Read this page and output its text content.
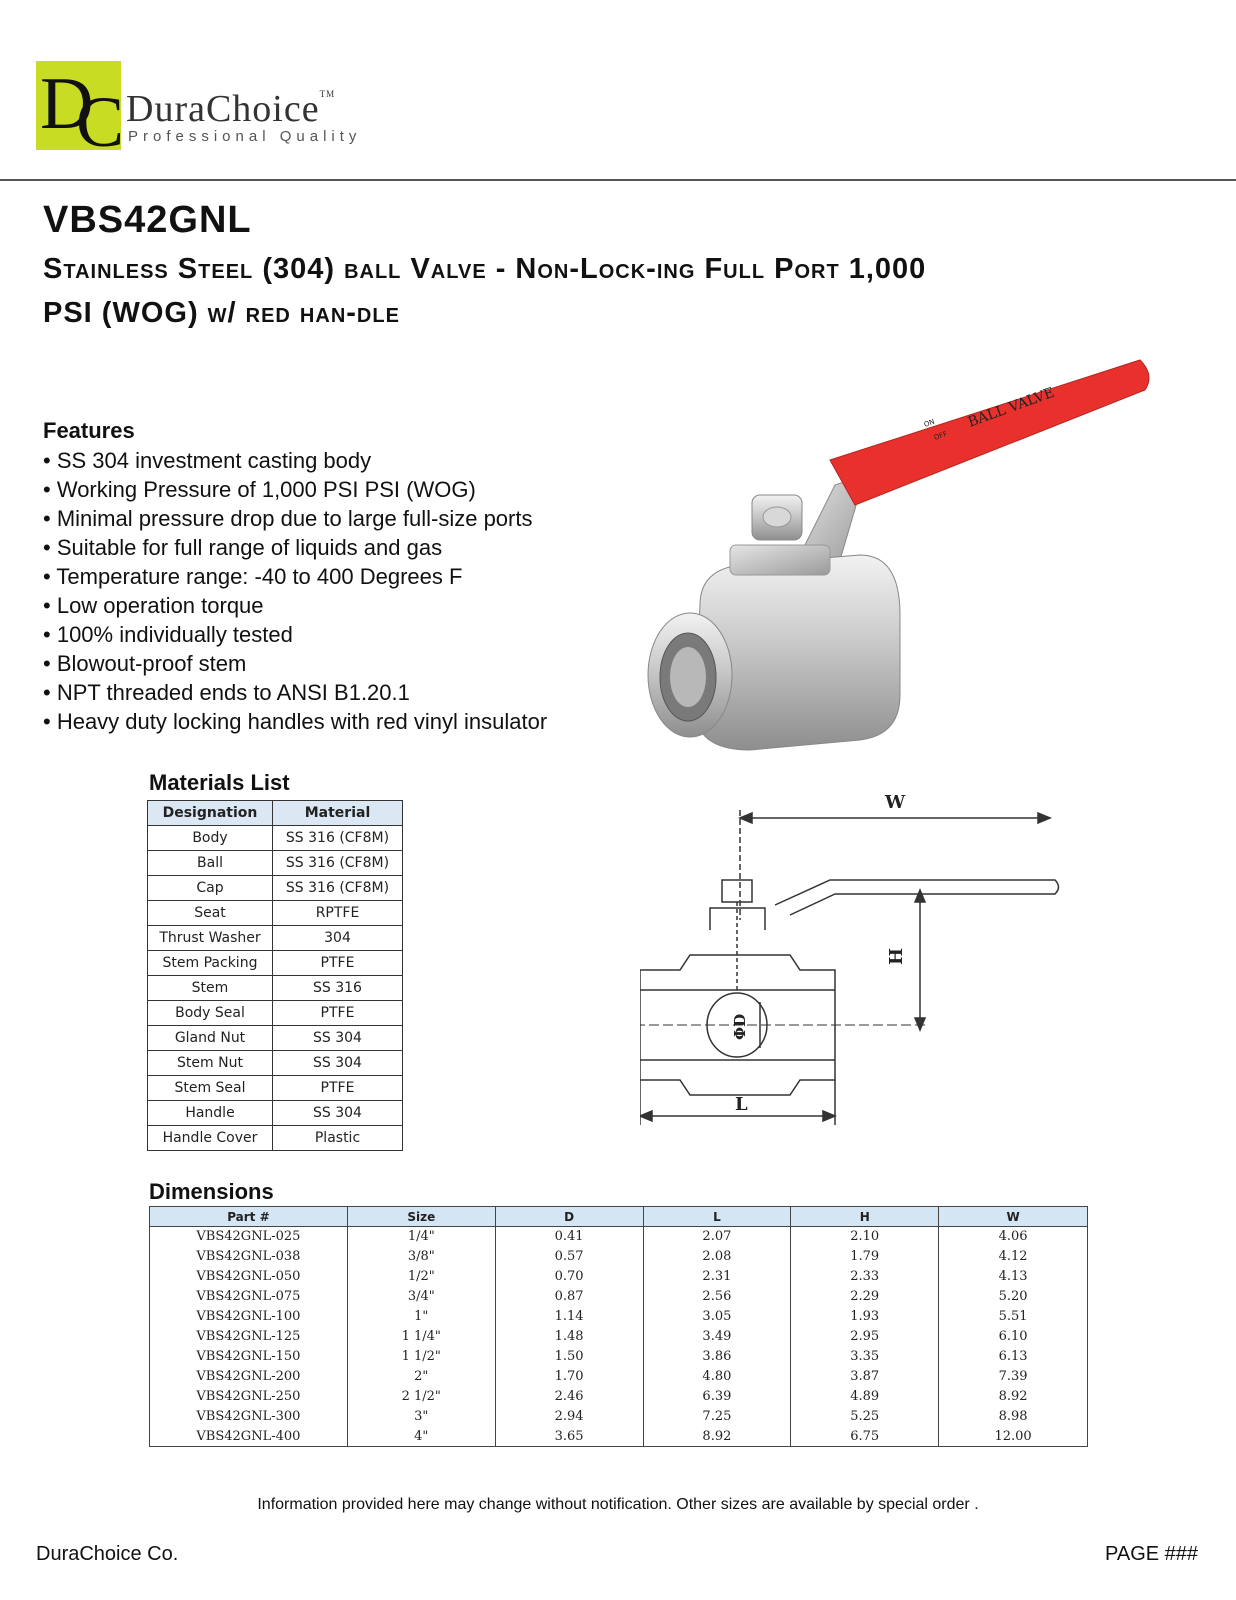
D
C DuraChoice™
Professional Quality
VBS42GNL
Stainless Steel (304) ball Valve - Non-Lock-ing Full Port 1,000 PSI (WOG) w/ red han-dle
Features
• SS 304 investment casting body
• Working Pressure of 1,000 PSI PSI (WOG)
• Minimal pressure drop due to large full-size ports
• Suitable for full range of liquids and gas
• Temperature range: -40 to 400 Degrees F
• Low operation torque
• 100% individually tested
• Blowout-proof stem
• NPT threaded ends to ANSI B1.20.1
• Heavy duty locking handles with red vinyl insulator
BALL VALVE
ON
OFF
Materials List
Designation	Material
Body	SS 316 (CF8M)
Ball	SS 316 (CF8M)
Cap	SS 316 (CF8M)
Seat	RPTFE
Thrust Washer	304
Stem Packing	PTFE
Stem	SS 316
Body Seal	PTFE
Gland Nut	SS 304
Stem Nut	SS 304
Stem Seal	PTFE
Handle	SS 304
Handle Cover	Plastic
W
H
L
ΦD
Dimensions
Part #	Size	D	L	H	W
VBS42GNL-025	1/4"	0.41	2.07	2.10	4.06
VBS42GNL-038	3/8"	0.57	2.08	1.79	4.12
VBS42GNL-050	1/2"	0.70	2.31	2.33	4.13
VBS42GNL-075	3/4"	0.87	2.56	2.29	5.20
VBS42GNL-100	1"	1.14	3.05	1.93	5.51
VBS42GNL-125	1 1/4"	1.48	3.49	2.95	6.10
VBS42GNL-150	1 1/2"	1.50	3.86	3.35	6.13
VBS42GNL-200	2"	1.70	4.80	3.87	7.39
VBS42GNL-250	2 1/2"	2.46	6.39	4.89	8.92
VBS42GNL-300	3"	2.94	7.25	5.25	8.98
VBS42GNL-400	4"	3.65	8.92	6.75	12.00
Information provided here may change without notification. Other sizes are available by special order .
DuraChoice Co.	PAGE ###
